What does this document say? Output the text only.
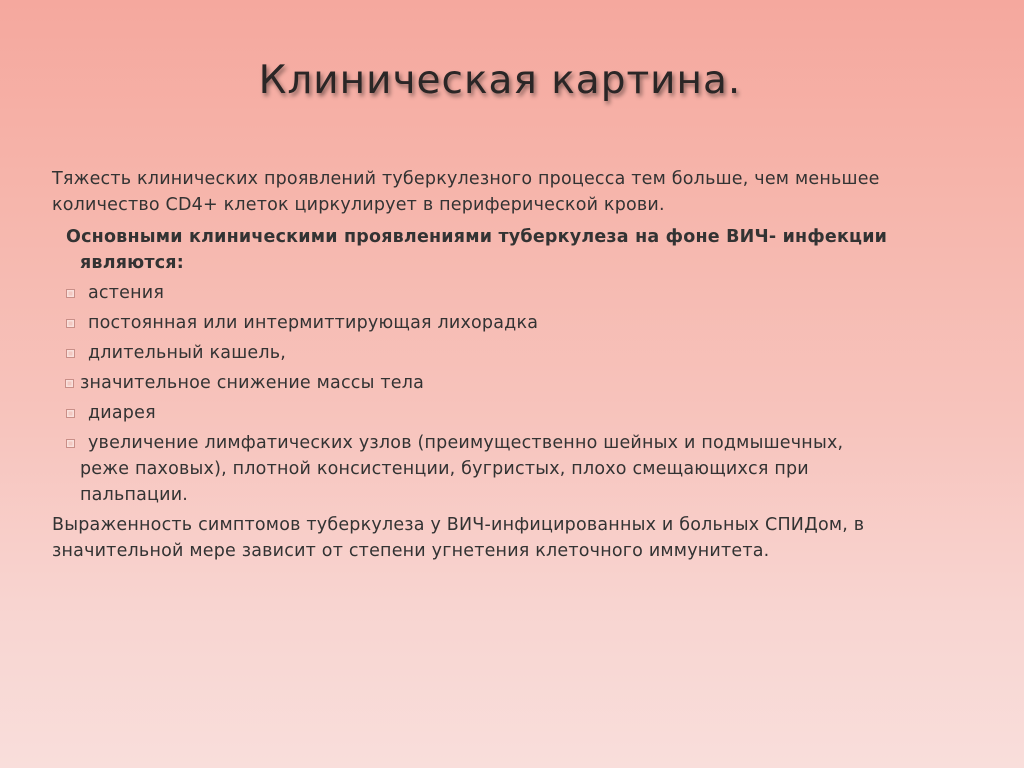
Клиническая картина.

Тяжесть клинических проявлений туберкулезного процесса тем больше, чем меньшее
количество CD4+ клеток циркулирует в периферической крови.

Основными клиническими проявлениями туберкулеза на фоне ВИЧ- инфекции
являются:

астения
постоянная или интермиттирующая лихорадка
длительный кашель,
значительное снижение массы тела
диарея
увеличение лимфатических узлов (преимущественно шейных и подмышечных,
реже паховых), плотной консистенции, бугристых, плохо смещающихся при
пальпации.

Выраженность симптомов туберкулеза у ВИЧ-инфицированных и больных СПИДом, в
значительной мере зависит от степени угнетения клеточного иммунитета.
